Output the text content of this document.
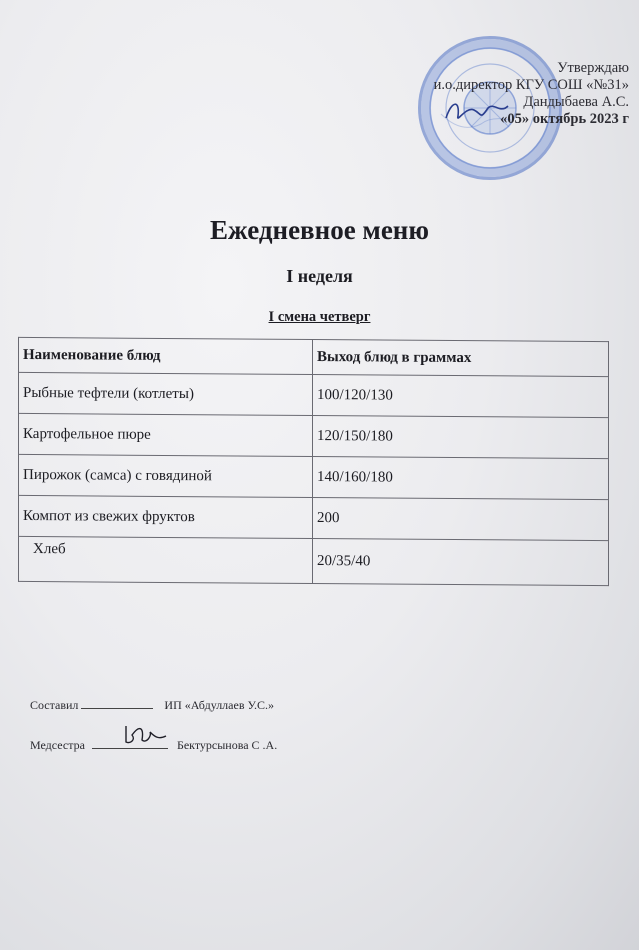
Утверждаю
и.о.директор КГУ СОШ «№31»
Дандыбаева А.С.
«05» октябрь 2023 г
Ежедневное меню
I неделя
I смена четверг
Наименование блюд	Выход блюд в граммах
Рыбные тефтели (котлеты)	100/120/130
Картофельное пюре	120/150/180
Пирожок (самса) с говядиной	140/160/180
Компот из свежих фруктов	200
Хлеб	20/35/40
Составил	ИП «Абдуллаев У.С.»
Медсестра	Бектурсынова С .А.
